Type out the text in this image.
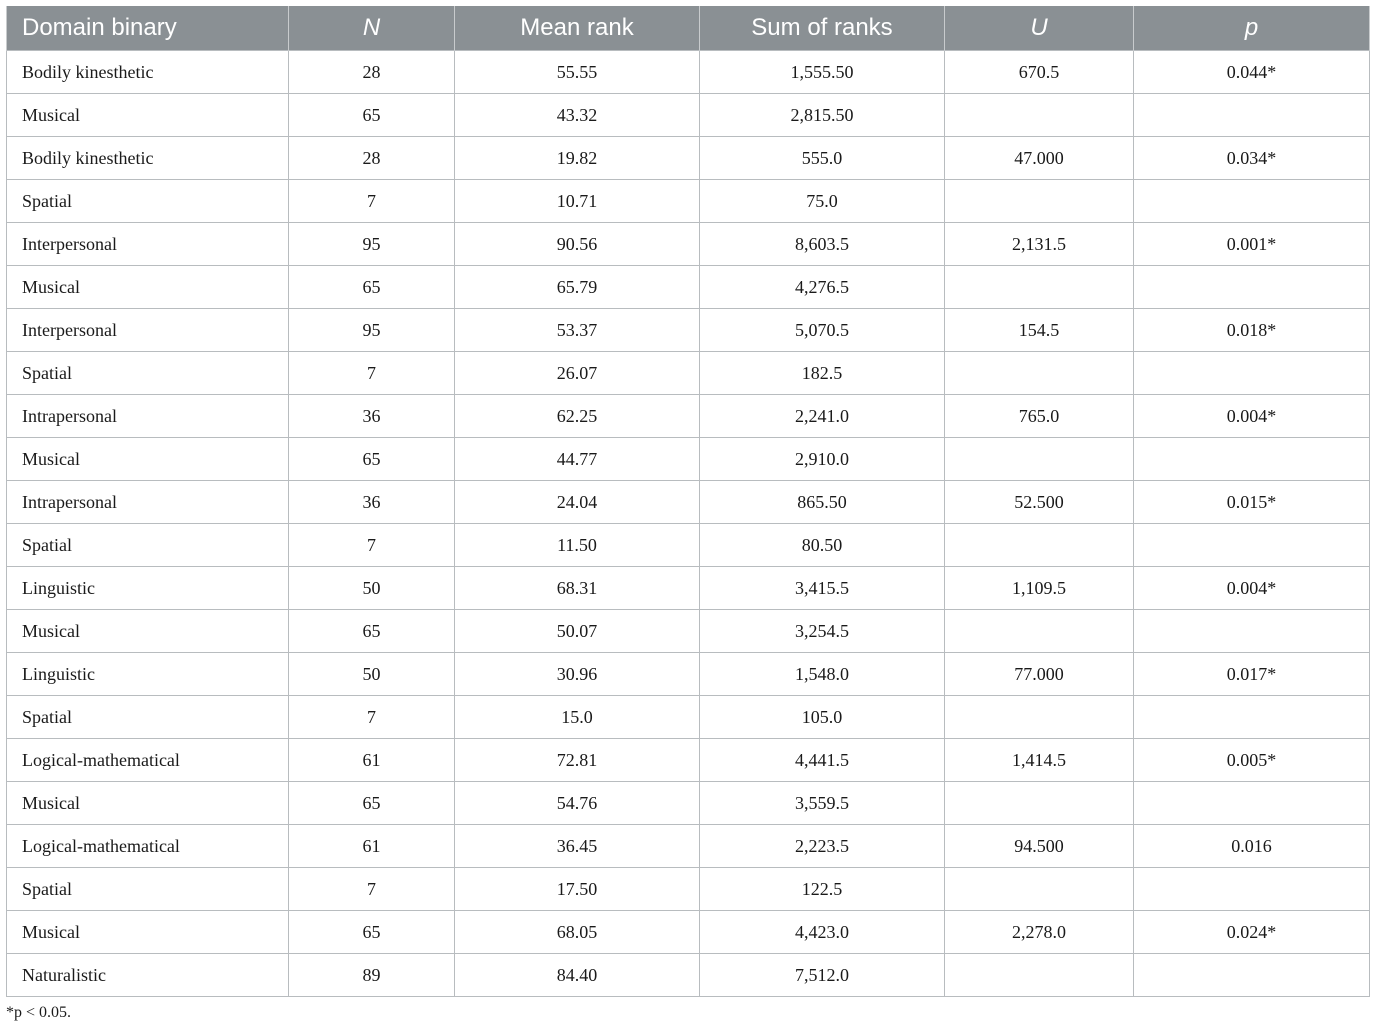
Domain binary	N	Mean rank	Sum of ranks	U	p
Bodily kinesthetic	28	55.55	1,555.50	670.5	0.044*
Musical	65	43.32	2,815.50		
Bodily kinesthetic	28	19.82	555.0	47.000	0.034*
Spatial	7	10.71	75.0		
Interpersonal	95	90.56	8,603.5	2,131.5	0.001*
Musical	65	65.79	4,276.5		
Interpersonal	95	53.37	5,070.5	154.5	0.018*
Spatial	7	26.07	182.5		
Intrapersonal	36	62.25	2,241.0	765.0	0.004*
Musical	65	44.77	2,910.0		
Intrapersonal	36	24.04	865.50	52.500	0.015*
Spatial	7	11.50	80.50		
Linguistic	50	68.31	3,415.5	1,109.5	0.004*
Musical	65	50.07	3,254.5		
Linguistic	50	30.96	1,548.0	77.000	0.017*
Spatial	7	15.0	105.0		
Logical-mathematical	61	72.81	4,441.5	1,414.5	0.005*
Musical	65	54.76	3,559.5		
Logical-mathematical	61	36.45	2,223.5	94.500	0.016
Spatial	7	17.50	122.5		
Musical	65	68.05	4,423.0	2,278.0	0.024*
Naturalistic	89	84.40	7,512.0		
*p < 0.05.
